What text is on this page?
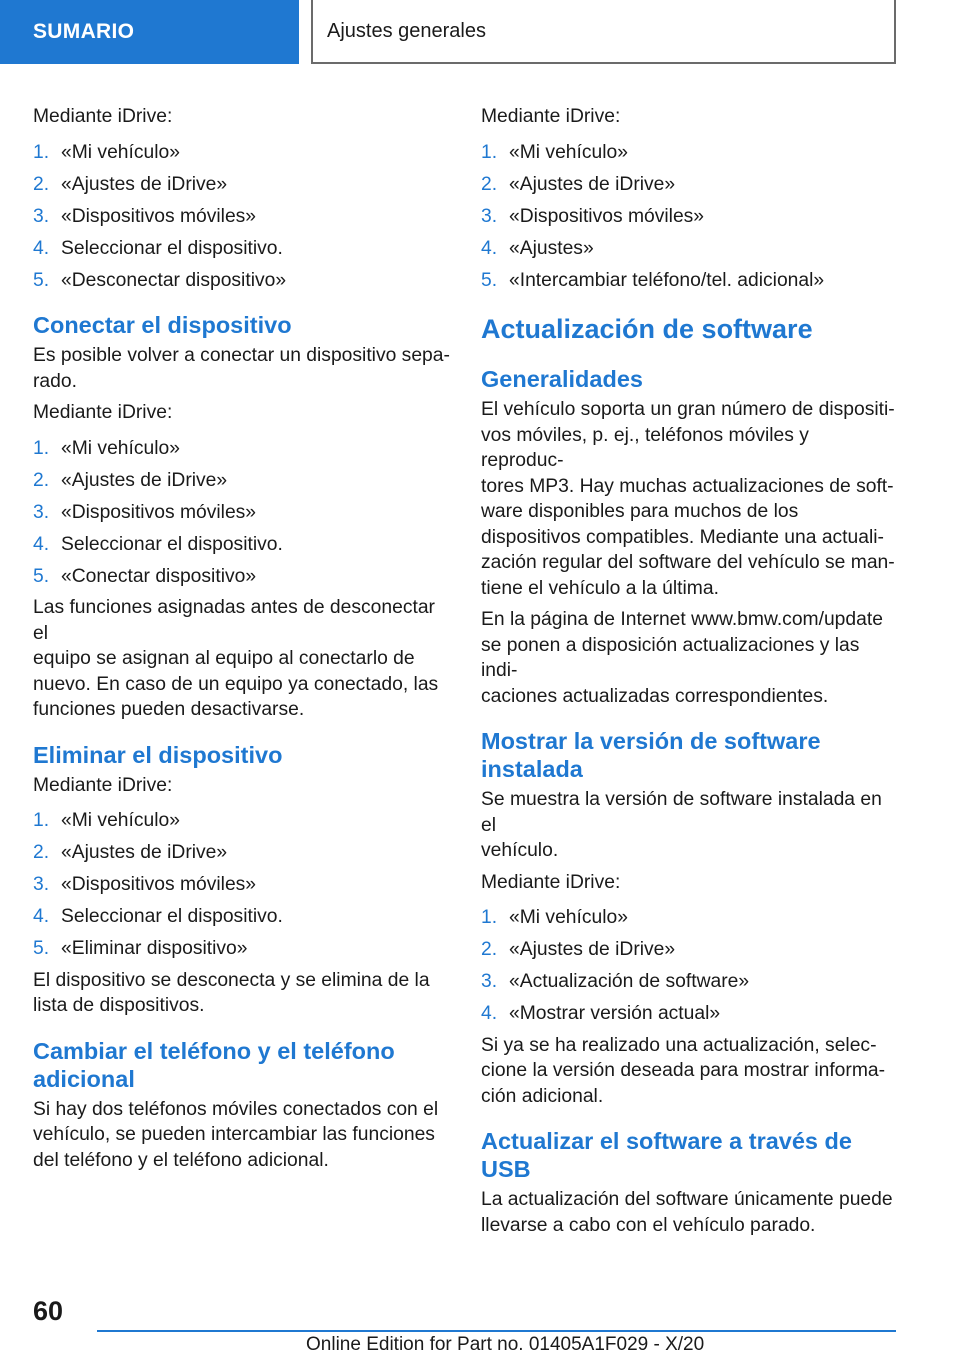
SUMARIO	Ajustes generales
Mediante iDrive:
1. «Mi vehículo»
2. «Ajustes de iDrive»
3. «Dispositivos móviles»
4. Seleccionar el dispositivo.
5. «Desconectar dispositivo»
Conectar el dispositivo
Es posible volver a conectar un dispositivo sepa-
rado.
Mediante iDrive:
1. «Mi vehículo»
2. «Ajustes de iDrive»
3. «Dispositivos móviles»
4. Seleccionar el dispositivo.
5. «Conectar dispositivo»
Las funciones asignadas antes de desconectar el
equipo se asignan al equipo al conectarlo de
nuevo. En caso de un equipo ya conectado, las
funciones pueden desactivarse.
Eliminar el dispositivo
Mediante iDrive:
1. «Mi vehículo»
2. «Ajustes de iDrive»
3. «Dispositivos móviles»
4. Seleccionar el dispositivo.
5. «Eliminar dispositivo»
El dispositivo se desconecta y se elimina de la
lista de dispositivos.
Cambiar el teléfono y el teléfono
adicional
Si hay dos teléfonos móviles conectados con el
vehículo, se pueden intercambiar las funciones
del teléfono y el teléfono adicional.
Mediante iDrive:
1. «Mi vehículo»
2. «Ajustes de iDrive»
3. «Dispositivos móviles»
4. «Ajustes»
5. «Intercambiar teléfono/tel. adicional»
Actualización de software
Generalidades
El vehículo soporta un gran número de dispositi-
vos móviles, p. ej., teléfonos móviles y reproduc-
tores MP3. Hay muchas actualizaciones de soft-
ware disponibles para muchos de los
dispositivos compatibles. Mediante una actuali-
zación regular del software del vehículo se man-
tiene el vehículo a la última.
En la página de Internet www.bmw.com/update
se ponen a disposición actualizaciones y las indi-
caciones actualizadas correspondientes.
Mostrar la versión de software
instalada
Se muestra la versión de software instalada en el
vehículo.
Mediante iDrive:
1. «Mi vehículo»
2. «Ajustes de iDrive»
3. «Actualización de software»
4. «Mostrar versión actual»
Si ya se ha realizado una actualización, selec-
cione la versión deseada para mostrar informa-
ción adicional.
Actualizar el software a través de
USB
La actualización del software únicamente puede
llevarse a cabo con el vehículo parado.
60
Online Edition for Part no. 01405A1F029 - X/20
